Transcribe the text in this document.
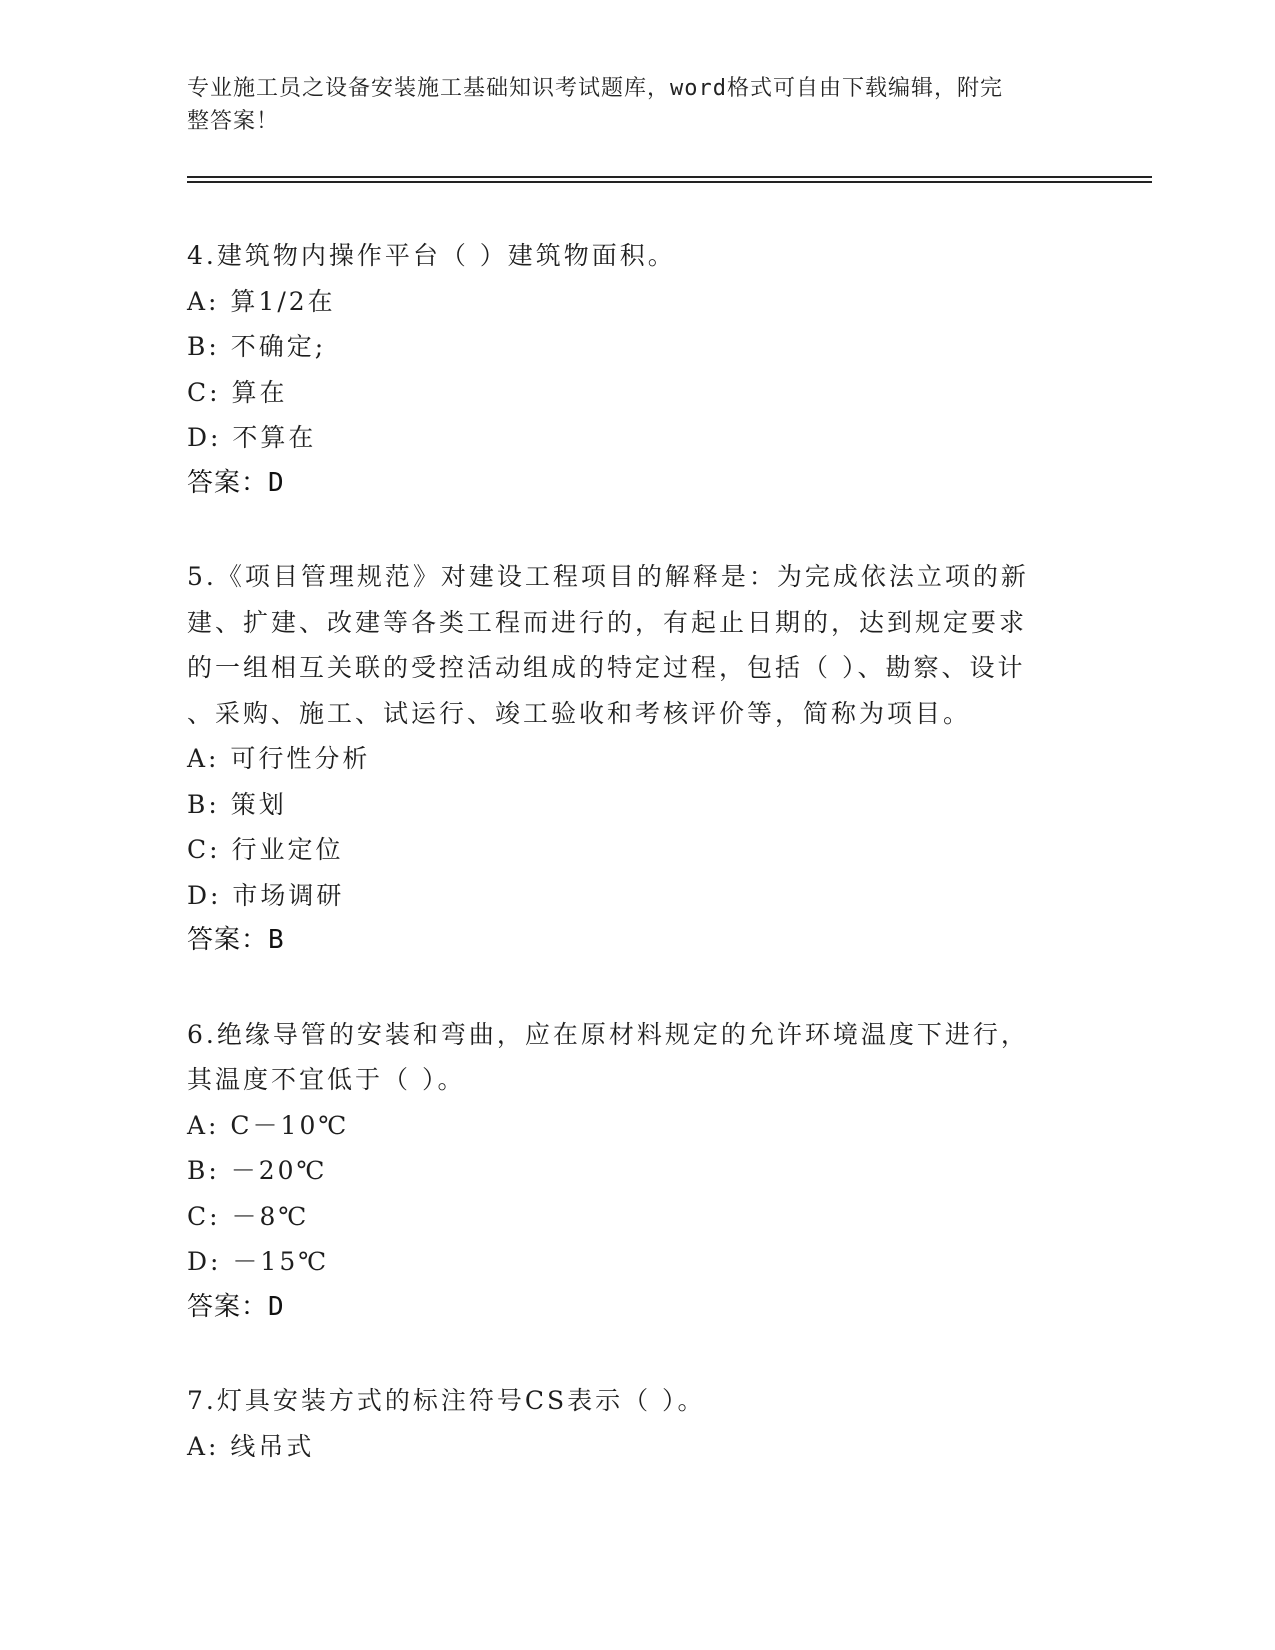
专业施工员之设备安装施工基础知识考试题库，word格式可自由下载编辑，附完
整答案！
4.建筑物内操作平台（ ）建筑物面积。
A: 算1/2在
B: 不确定;
C: 算在
D: 不算在
答案：D
5.《项目管理规范》对建设工程项目的解释是：为完成依法立项的新
建、扩建、改建等各类工程而进行的，有起止日期的，达到规定要求
的一组相互关联的受控活动组成的特定过程，包括（ ）、勘察、设计
、采购、施工、试运行、竣工验收和考核评价等，简称为项目。
A: 可行性分析
B: 策划
C: 行业定位
D: 市场调研
答案：B
6.绝缘导管的安装和弯曲，应在原材料规定的允许环境温度下进行，
其温度不宜低于（ ）。
A: C－10℃
B: －20℃
C: －8℃
D: －15℃
答案：D
7.灯具安装方式的标注符号CS表示（ ）。
A: 线吊式
